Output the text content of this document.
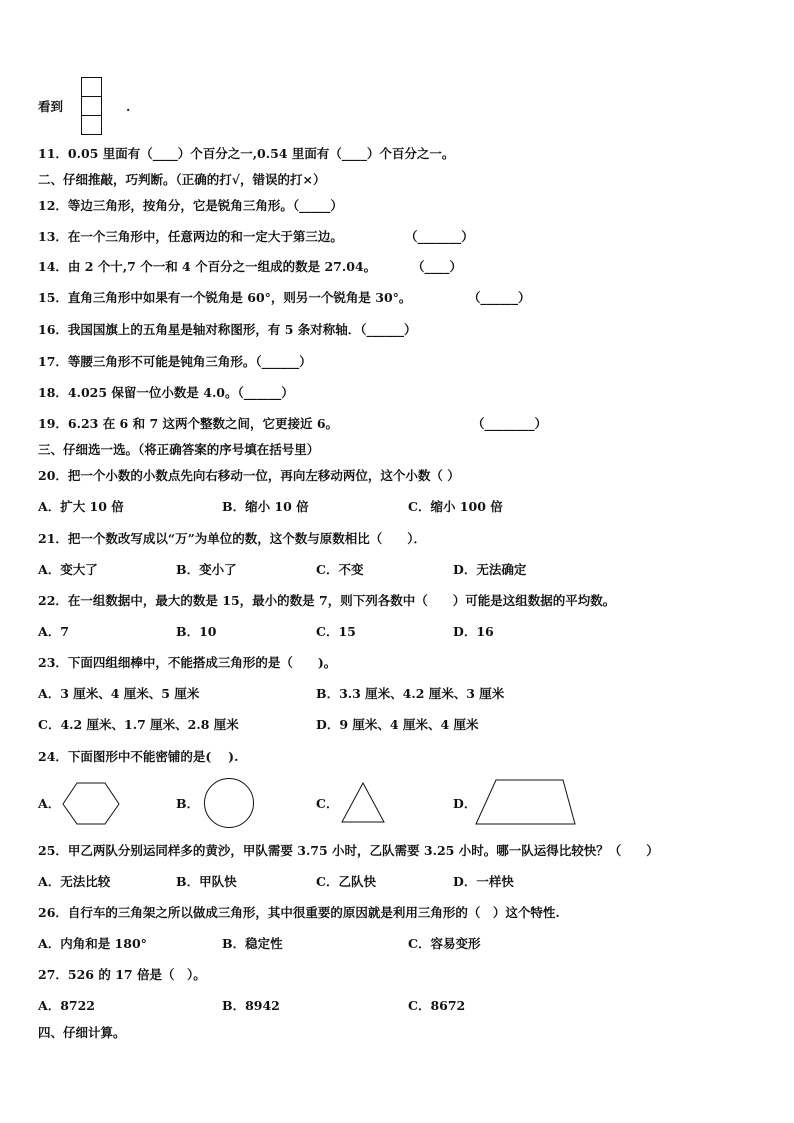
看到	.
11．0.05 里面有（____）个百分之一,0.54 里面有（____）个百分之一。
二、仔细推敲，巧判断。（正确的打√，错误的打×）
12．等边三角形，按角分，它是锐角三角形。（_____）
13．在一个三角形中，任意两边的和一定大于第三边。	（_______）
14．由 2 个十,7 个一和 4 个百分之一组成的数是 27.04。	（____）
15．直角三角形中如果有一个锐角是 60°，则另一个锐角是 30°。	（______）
16．我国国旗上的五角星是轴对称图形，有 5 条对称轴．（______）
17．等腰三角形不可能是钝角三角形。（______）
18．4.025 保留一位小数是 4.0。（______）
19．6.23 在 6 和 7 这两个整数之间，它更接近 6。	（________）
三、仔细选一选。（将正确答案的序号填在括号里）
20．把一个小数的小数点先向右移动一位，再向左移动两位，这个小数（ ）
A．扩大 10 倍	B．缩小 10 倍	C．缩小 100 倍
21．把一个数改写成以“万”为单位的数，这个数与原数相比（　　）．
A．变大了	B．变小了	C．不变	D．无法确定
22．在一组数据中，最大的数是 15，最小的数是 7，则下列各数中（　　）可能是这组数据的平均数。
A．7	B．10	C．15	D．16
23．下面四组细棒中，不能搭成三角形的是（　　)。
A．3 厘米、4 厘米、5 厘米	B．3.3 厘米、4.2 厘米、3 厘米
C．4.2 厘米、1.7 厘米、2.8 厘米	D．9 厘米、4 厘米、4 厘米
24．下面图形中不能密铺的是(　 ).
A．	B．	C．	D．
25．甲乙两队分别运同样多的黄沙，甲队需要 3.75 小时，乙队需要 3.25 小时。哪一队运得比较快？（　　）
A．无法比较	B．甲队快	C．乙队快	D．一样快
26．自行车的三角架之所以做成三角形，其中很重要的原因就是利用三角形的（　）这个特性.
A．内角和是 180°	B．稳定性	C．容易变形
27．526 的 17 倍是（　）。
A．8722	B．8942	C．8672
四、仔细计算。
